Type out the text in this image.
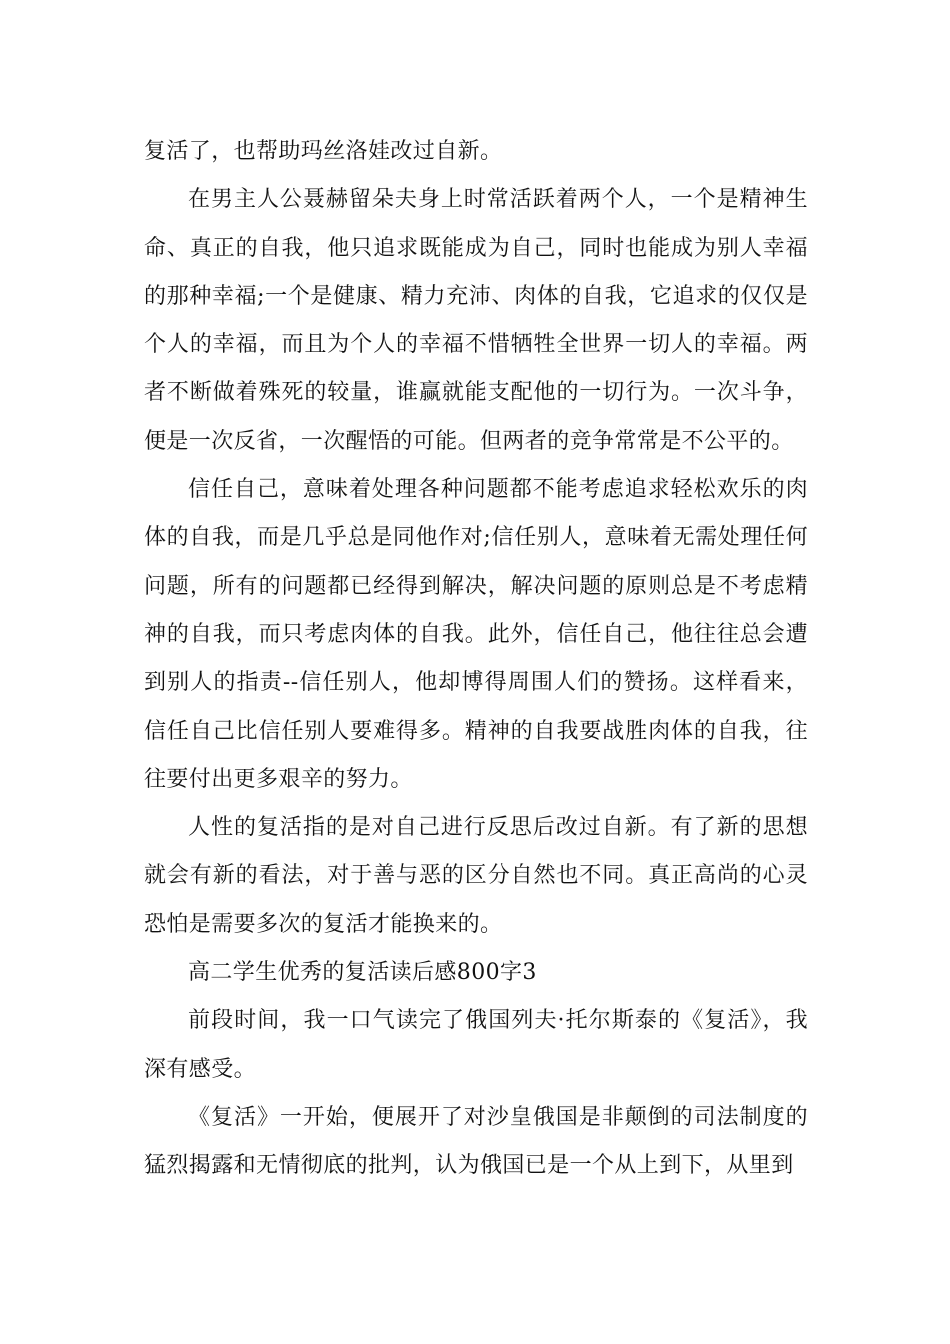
复活了，也帮助玛丝洛娃改过自新。

在男主人公聂赫留朵夫身上时常活跃着两个人，一个是精神生命、真正的自我，他只追求既能成为自己，同时也能成为别人幸福的那种幸福;一个是健康、精力充沛、肉体的自我，它追求的仅仅是个人的幸福，而且为个人的幸福不惜牺牲全世界一切人的幸福。两者不断做着殊死的较量，谁赢就能支配他的一切行为。一次斗争，便是一次反省，一次醒悟的可能。但两者的竞争常常是不公平的。

信任自己，意味着处理各种问题都不能考虑追求轻松欢乐的肉体的自我，而是几乎总是同他作对;信任别人，意味着无需处理任何问题，所有的问题都已经得到解决，解决问题的原则总是不考虑精神的自我，而只考虑肉体的自我。此外，信任自己，他往往总会遭到别人的指责--信任别人，他却博得周围人们的赞扬。这样看来，信任自己比信任别人要难得多。精神的自我要战胜肉体的自我，往往要付出更多艰辛的努力。

人性的复活指的是对自己进行反思后改过自新。有了新的思想就会有新的看法，对于善与恶的区分自然也不同。真正高尚的心灵恐怕是需要多次的复活才能换来的。

高二学生优秀的复活读后感800字3

前段时间，我一口气读完了俄国列夫·托尔斯泰的《复活》，我深有感受。

《复活》一开始，便展开了对沙皇俄国是非颠倒的司法制度的猛烈揭露和无情彻底的批判，认为俄国已是一个从上到下，从里到
